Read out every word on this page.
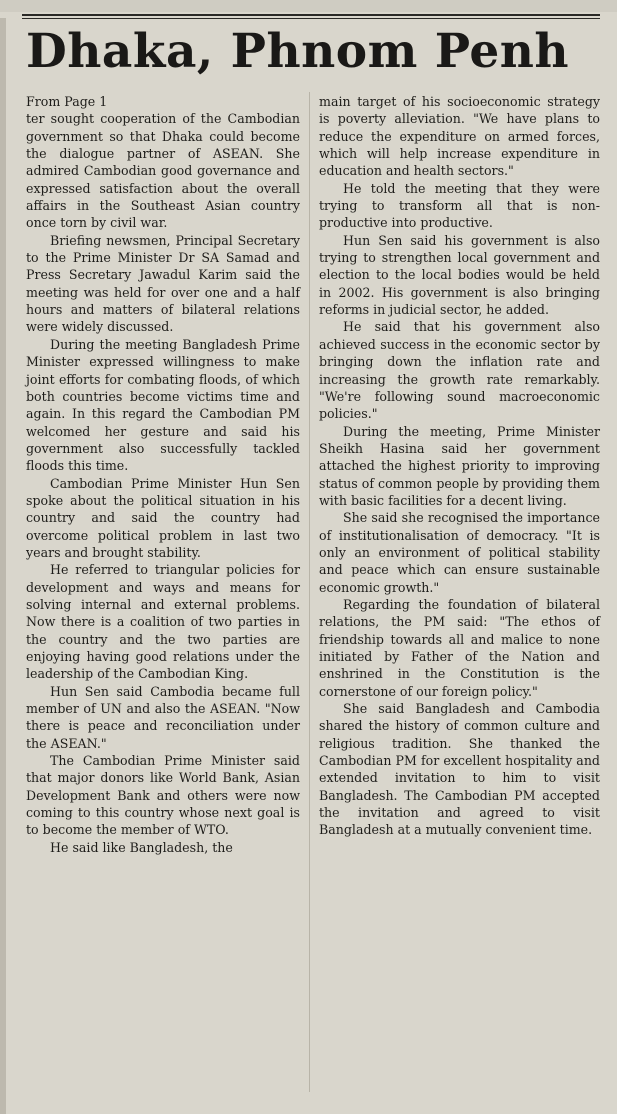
Dhaka, Phnom Penh

From Page 1

ter sought cooperation of the Cambodian government so that Dhaka could become the dialogue partner of ASEAN. She admired Cambodian good governance and expressed satisfaction about the overall affairs in the Southeast Asian country once torn by civil war.

Briefing newsmen, Principal Secretary to the Prime Minister Dr SA Samad and Press Secretary Jawadul Karim said the meeting was held for over one and a half hours and matters of bilateral relations were widely discussed.

During the meeting Bangladesh Prime Minister expressed willingness to make joint efforts for combating floods, of which both countries become victims time and again. In this regard the Cambodian PM welcomed her gesture and said his government also successfully tackled floods this time.

Cambodian Prime Minister Hun Sen spoke about the political situation in his country and said the country had overcome political problem in last two years and brought stability.

He referred to triangular policies for development and ways and means for solving internal and external problems. Now there is a coalition of two parties in the country and the two parties are enjoying having good relations under the leadership of the Cambodian King.

Hun Sen said Cambodia became full member of UN and also the ASEAN. "Now there is peace and reconciliation under the ASEAN."

The Cambodian Prime Minister said that major donors like World Bank, Asian Development Bank and others were now coming to this country whose next goal is to become the member of WTO.

He said like Bangladesh, the

main target of his socioeconomic strategy is poverty alleviation. "We have plans to reduce the expenditure on armed forces, which will help increase expenditure in education and health sectors."

He told the meeting that they were trying to transform all that is non-productive into productive.

Hun Sen said his government is also trying to strengthen local government and election to the local bodies would be held in 2002. His government is also bringing reforms in judicial sector, he added.

He said that his government also achieved success in the economic sector by bringing down the inflation rate and increasing the growth rate remarkably. "We're following sound macroeconomic policies."

During the meeting, Prime Minister Sheikh Hasina said her government attached the highest priority to improving status of common people by providing them with basic facilities for a decent living.

She said she recognised the importance of institutionalisation of democracy. "It is only an environment of political stability and peace which can ensure sustainable economic growth."

Regarding the foundation of bilateral relations, the PM said: "The ethos of friendship towards all and malice to none initiated by Father of the Nation and enshrined in the Constitution is the cornerstone of our foreign policy."

She said Bangladesh and Cambodia shared the history of common culture and religious tradition. She thanked the Cambodian PM for excellent hospitality and extended invitation to him to visit Bangladesh. The Cambodian PM accepted the invitation and agreed to visit Bangladesh at a mutually convenient time.
